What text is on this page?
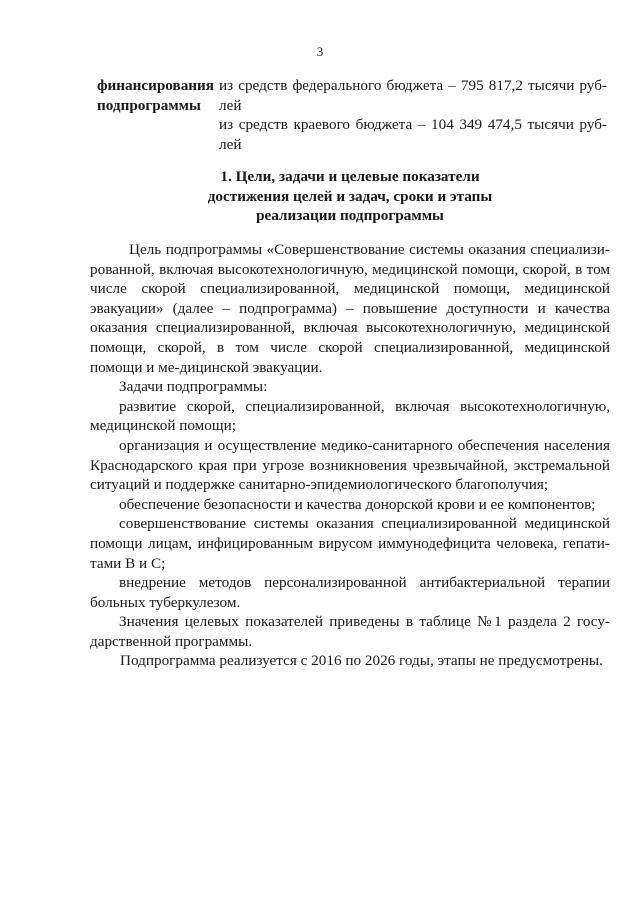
3
финансирования
подпрограммы

из средств федерального бюджета – 795 817,2 тысячи руб-лей

из средств краевого бюджета – 104 349 474,5 тысячи руб-лей

1. Цели, задачи и целевые показатели
достижения целей и задач, сроки и этапы
реализации подпрограммы

Цель подпрограммы «Совершенствование системы оказания специализи-рованной, включая высокотехнологичную, медицинской помощи, скорой, в том числе скорой специализированной, медицинской помощи, медицинской эвакуации» (далее – подпрограмма) – повышение доступности и качества оказания специализированной, включая высокотехнологичную, медицинской помощи, скорой, в том числе скорой специализированной, медицинской помощи и ме-дицинской эвакуации.

Задачи подпрограммы:

развитие скорой, специализированной, включая высокотехнологичную, медицинской помощи;

организация и осуществление медико-санитарного обеспечения населения Краснодарского края при угрозе возникновения чрезвычайной, экстремальной ситуаций и поддержке санитарно-эпидемиологического благополучия;

обеспечение безопасности и качества донорской крови и ее компонентов;

совершенствование системы оказания специализированной медицинской помощи лицам, инфицированным вирусом иммунодефицита человека, гепати-тами В и С;

внедрение методов персонализированной антибактериальной терапии больных туберкулезом.

Значения целевых показателей приведены в таблице №1 раздела 2 госу-дарственной программы.

Подпрограмма реализуется с 2016 по 2026 годы, этапы не предусмотрены.
